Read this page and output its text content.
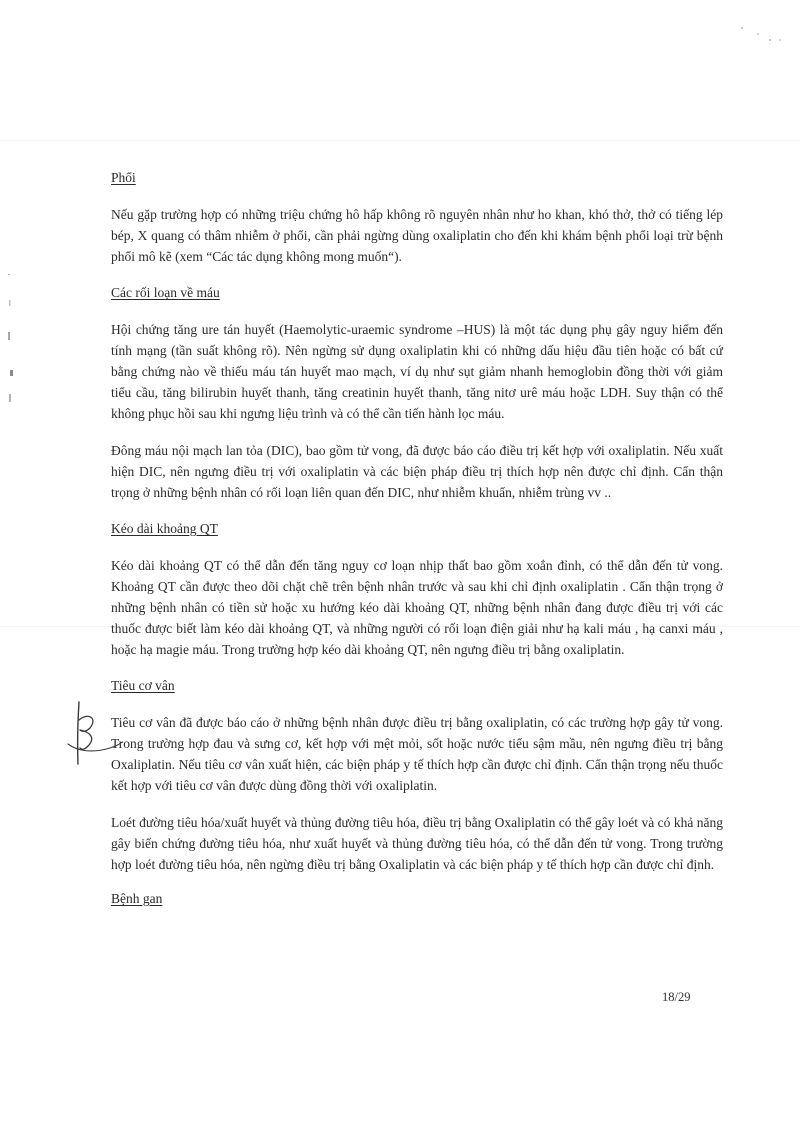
Phổi

Nếu gặp trường hợp có những triệu chứng hô hấp không rõ nguyên nhân như ho khan, khó thở, thở có tiếng lép bép, X quang có thâm nhiễm ở phổi, cần phải ngừng dùng oxaliplatin cho đến khi khám bệnh phổi loại trừ bệnh phổi mô kẽ (xem “Các tác dụng không mong muốn“).

Các rối loạn về máu

Hội chứng tăng ure tán huyết (Haemolytic-uraemic syndrome –HUS) là một tác dụng phụ gây nguy hiểm đến tính mạng (tần suất không rõ). Nên ngừng sử dụng oxaliplatin khi có những dấu hiệu đầu tiên hoặc có bất cứ bằng chứng nào về thiếu máu tán huyết mao mạch, ví dụ như sụt giảm nhanh hemoglobin đồng thời với giảm tiểu cầu, tăng bilirubin huyết thanh, tăng creatinin huyết thanh, tăng nitơ urê máu hoặc LDH. Suy thận có thể không phục hồi sau khi ngưng liệu trình và có thể cần tiến hành lọc máu.

Đông máu nội mạch lan tỏa (DIC), bao gồm tử vong, đã được báo cáo điều trị kết hợp với oxaliplatin. Nếu xuất hiện DIC, nên ngưng điều trị với oxaliplatin và các biện pháp điều trị thích hợp nên được chỉ định. Cẩn thận trọng ở những bệnh nhân có rối loạn liên quan đến DIC, như nhiễm khuẩn, nhiễm trùng vv ..

Kéo dài khoảng QT

Kéo dài khoảng QT có thể dẫn đến tăng nguy cơ loạn nhịp thất bao gồm xoắn đỉnh, có thể dẫn đến tử vong. Khoảng QT cần được theo dõi chặt chẽ trên bệnh nhân trước và sau khi chỉ định oxaliplatin . Cẩn thận trọng ở những bệnh nhân có tiền sử hoặc xu hướng kéo dài khoảng QT, những bệnh nhân đang được điều trị với các thuốc được biết làm kéo dài khoảng QT, và những người có rối loạn điện giải như hạ kali máu , hạ canxi máu , hoặc hạ magie máu. Trong trường hợp kéo dài khoảng QT, nên ngưng điều trị bằng oxaliplatin.

Tiêu cơ vân

Tiêu cơ vân đã được báo cáo ở những bệnh nhân được điều trị bằng oxaliplatin, có các trường hợp gây tử vong. Trong trường hợp đau và sưng cơ, kết hợp với mệt mỏi, sốt hoặc nước tiểu sậm mầu, nên ngưng điều trị bằng Oxaliplatin. Nếu tiêu cơ vân xuất hiện, các biện pháp y tế thích hợp cần được chỉ định. Cẩn thận trọng nếu thuốc kết hợp với tiêu cơ vân được dùng đồng thời với oxaliplatin.

Loét đường tiêu hóa/xuất huyết và thủng đường tiêu hóa, điều trị bằng Oxaliplatin có thể gây loét và có khả năng gây biến chứng đường tiêu hóa, như xuất huyết và thủng đường tiêu hóa, có thể dẫn đến tử vong. Trong trường hợp loét đường tiêu hóa, nên ngừng điều trị bằng Oxaliplatin và các biện pháp y tế thích hợp cần được chỉ định.

Bệnh gan
18/29
